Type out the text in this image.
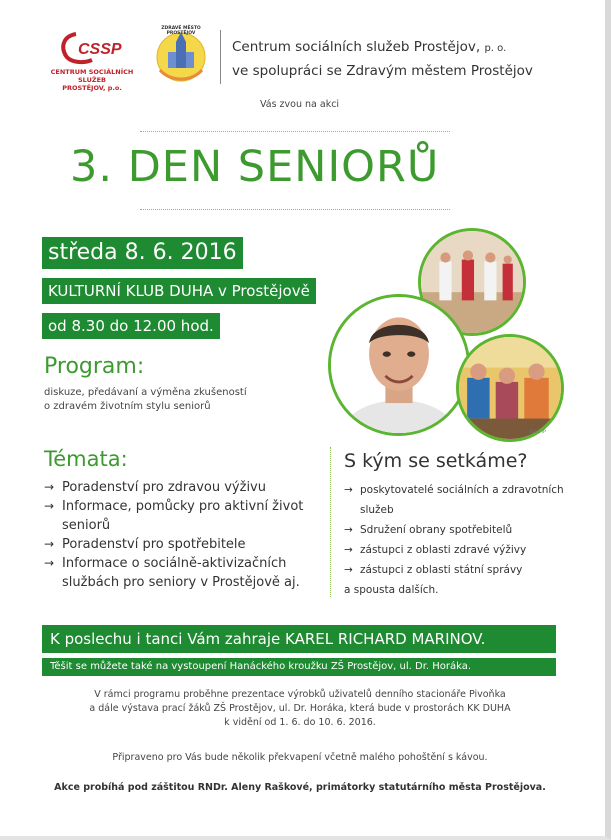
CSSP
CENTRUM SOCIÁLNÍCH SLUŽEB
PROSTĚJOV, p.o.
ZDRAVÉ MĚSTO PROSTĚJOV
Centrum sociálních služeb Prostějov, p. o.
ve spolupráci se Zdravým městem Prostějov
Vás zvou na akci
3. DEN SENIORŮ
středa 8. 6. 2016
KULTURNÍ KLUB DUHA v Prostějově
od 8.30 do 12.00 hod.
Program:
diskuze, předávaní a výměna zkušeností
o zdravém životním stylu seniorů
foto: IP
Témata:
→ Poradenství pro zdravou výživu
→ Informace, pomůcky pro aktivní život seniorů
→ Poradenství pro spotřebitele
→ Informace o sociálně-aktivizačních službách pro seniory v Prostějově aj.
S kým se setkáme?
→ poskytovatelé sociálních a zdravotních služeb
→ Sdružení obrany spotřebitelů
→ zástupci z oblasti zdravé výživy
→ zástupci z oblasti státní správy
a spousta dalších.
K poslechu i tanci Vám zahraje KAREL RICHARD MARINOV.
Těšit se můžete také na vystoupení Hanáckého kroužku ZŠ Prostějov, ul. Dr. Horáka.
V rámci programu proběhne prezentace výrobků uživatelů denního stacionáře Pivoňka
a dále výstava prací žáků ZŠ Prostějov, ul. Dr. Horáka, která bude v prostorách KK DUHA
k vidění od 1. 6. do 10. 6. 2016.
Připraveno pro Vás bude několik překvapení včetně malého pohoštění s kávou.
Akce probíhá pod záštitou RNDr. Aleny Raškové, primátorky statutárního města Prostějova.
